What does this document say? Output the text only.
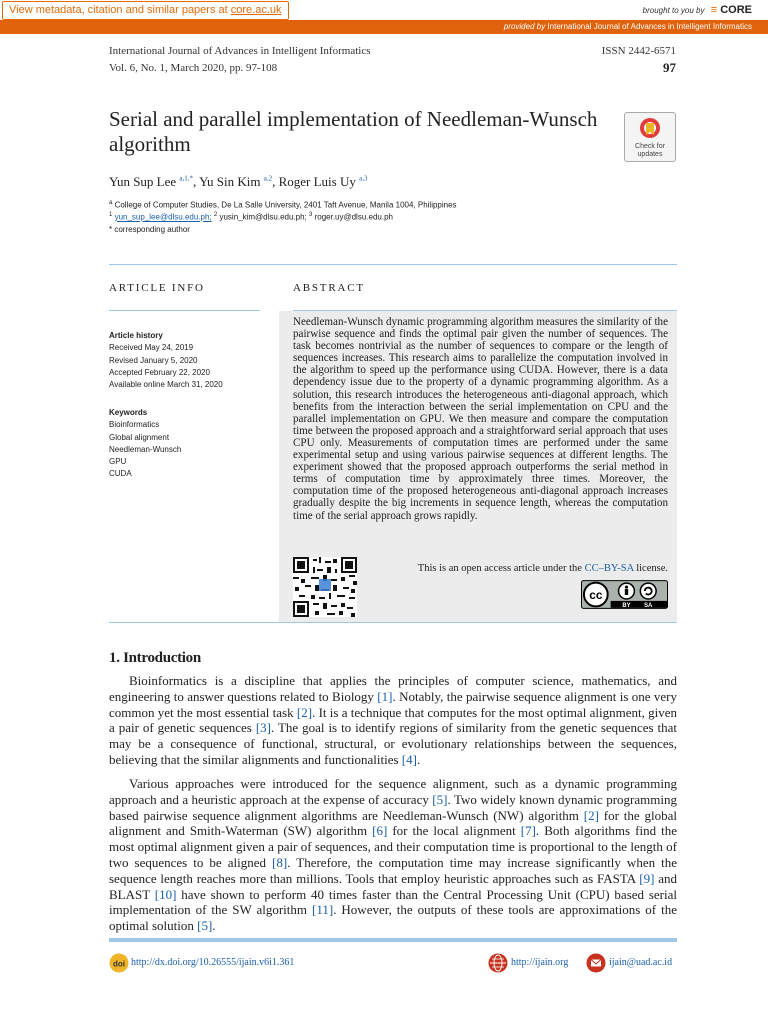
View metadata, citation and similar papers at core.ac.uk	brought to you by ≡ CORE
provided by International Journal of Advances in Intelligent Informatics
International Journal of Advances in Intelligent Informatics
Vol. 6, No. 1, March 2020, pp. 97-108
ISSN 2442-6571
97
Serial and parallel implementation of Needleman-Wunsch algorithm	Check for updates
Yun Sup Lee $^{a,1,*}$, Yu Sin Kim $^{a,2}$, Roger Luis Uy $^{a,3}$
$^a$ College of Computer Studies, De La Salle University, 2401 Taft Avenue, Manila 1004, Philippines
$^1$ yun_sup_lee@dlsu.edu.ph; $^2$ yusin_kim@dlsu.edu.ph; $^3$ roger.uy@dlsu.edu.ph
* corresponding author
ARTICLE INFO	ABSTRACT
Article history
Received May 24, 2019
Revised January 5, 2020
Accepted February 22, 2020
Available online March 31, 2020
Keywords
Bioinformatics
Global alignment
Needleman-Wunsch
GPU
CUDA
Needleman-Wunsch dynamic programming algorithm measures the similarity of the pairwise sequence and finds the optimal pair given the number of sequences. The task becomes nontrivial as the number of sequences to compare or the length of sequences increases. This research aims to parallelize the computation involved in the algorithm to speed up the performance using CUDA. However, there is a data dependency issue due to the property of a dynamic programming algorithm. As a solution, this research introduces the heterogeneous anti-diagonal approach, which benefits from the interaction between the serial implementation on CPU and the parallel implementation on GPU. We then measure and compare the computation time between the proposed approach and a straightforward serial approach that uses CPU only. Measurements of computation times are performed under the same experimental setup and using various pairwise sequences at different lengths. The experiment showed that the proposed approach outperforms the serial method in terms of computation time by approximately three times. Moreover, the computation time of the proposed heterogeneous anti-diagonal approach increases gradually despite the big increments in sequence length, whereas the computation time of the serial approach grows rapidly.
This is an open access article under the CC–BY-SA license.
cc
BY SA
1. Introduction
Bioinformatics is a discipline that applies the principles of computer science, mathematics, and engineering to answer questions related to Biology [1]. Notably, the pairwise sequence alignment is one very common yet the most essential task [2]. It is a technique that computes for the most optimal alignment, given a pair of genetic sequences [3]. The goal is to identify regions of similarity from the genetic sequences that may be a consequence of functional, structural, or evolutionary relationships between the sequences, believing that the similar alignments and functionalities [4].
Various approaches were introduced for the sequence alignment, such as a dynamic programming approach and a heuristic approach at the expense of accuracy [5]. Two widely known dynamic programming based pairwise sequence alignment algorithms are Needleman-Wunsch (NW) algorithm [2] for the global alignment and Smith-Waterman (SW) algorithm [6] for the local alignment [7]. Both algorithms find the most optimal alignment given a pair of sequences, and their computation time is proportional to the length of two sequences to be aligned [8]. Therefore, the computation time may increase significantly when the sequence length reaches more than millions. Tools that employ heuristic approaches such as FASTA [9] and BLAST [10] have shown to perform 40 times faster than the Central Processing Unit (CPU) based serial implementation of the SW algorithm [11]. However, the outputs of these tools are approximations of the optimal solution [5].
doi http://dx.doi.org/10.26555/ijain.v6i1.361	http://ijain.org	ijain@uad.ac.id
